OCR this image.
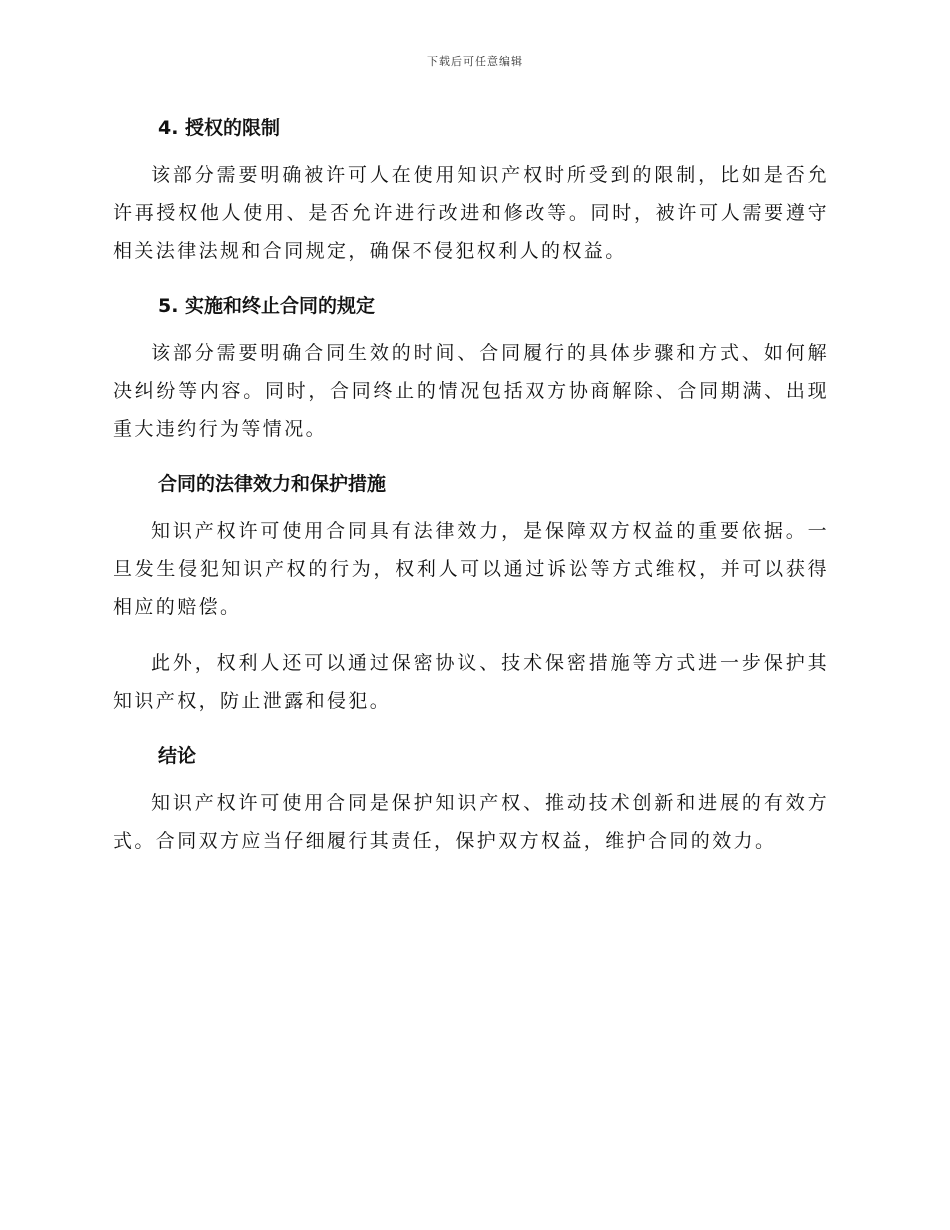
下载后可任意编辑
4. 授权的限制

该部分需要明确被许可人在使用知识产权时所受到的限制，比如是否允许再授权他人使用、是否允许进行改进和修改等。同时，被许可人需要遵守相关法律法规和合同规定，确保不侵犯权利人的权益。

5. 实施和终止合同的规定

该部分需要明确合同生效的时间、合同履行的具体步骤和方式、如何解决纠纷等内容。同时，合同终止的情况包括双方协商解除、合同期满、出现重大违约行为等情况。

合同的法律效力和保护措施

知识产权许可使用合同具有法律效力，是保障双方权益的重要依据。一旦发生侵犯知识产权的行为，权利人可以通过诉讼等方式维权，并可以获得相应的赔偿。

此外，权利人还可以通过保密协议、技术保密措施等方式进一步保护其知识产权，防止泄露和侵犯。

结论

知识产权许可使用合同是保护知识产权、推动技术创新和进展的有效方式。合同双方应当仔细履行其责任，保护双方权益，维护合同的效力。
